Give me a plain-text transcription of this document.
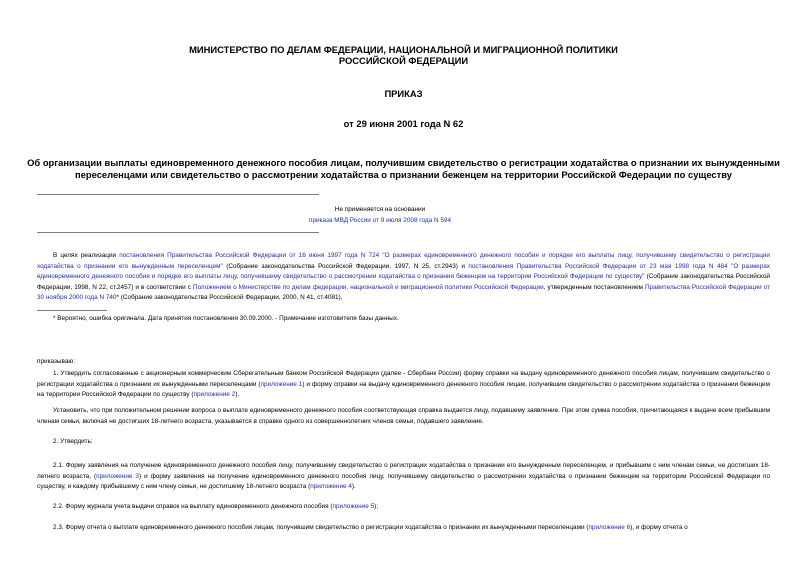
МИНИСТЕРСТВО ПО ДЕЛАМ ФЕДЕРАЦИИ, НАЦИОНАЛЬНОЙ И МИГРАЦИОННОЙ ПОЛИТИКИ
РОССИЙСКОЙ ФЕДЕРАЦИИ
ПРИКАЗ
от 29 июня 2001 года N 62
Об организации выплаты единовременного денежного пособия лицам, получившим свидетельство о регистрации ходатайства о признании их вынужденными переселенцами или свидетельство о рассмотрении ходатайства о признании беженцем на территории Российской Федерации по существу
Не применяется на основании
приказа МВД России от 9 июля 2008 года N 594
В целях реализации постановления Правительства Российской Федерации от 16 июня 1997 года N 724 "О размерах единовременного денежного пособия и порядке его выплаты лицу, получившему свидетельство о регистрации ходатайства о признании его вынужденным переселенцем" (Собрание законодательства Российской Федерации, 1997, N 25, ст.2943) и постановления Правительства Российской Федерации от 23 мая 1998 года N 484 "О размерах единовременного денежного пособия и порядке его выплаты лицу, получившему свидетельство о рассмотрении ходатайства о признании беженцем на территории Российской Федерации по существу" (Собрание законодательства Российской Федерации, 1998, N 22, ст.2457) и в соответствии с Положением о Министерстве по делам федерации, национальной и миграционной политики Российской Федерации, утвержденным постановлением Правительства Российской Федерации от 30 ноября 2000 года N 740* (Собрание законодательства Российской Федерации, 2000, N 41, ст.4081),
* Вероятно, ошибка оригинала. Дата принятия постановления 30.09.2000. - Примечание изготовителя базы данных.
приказываю:
1. Утвердить согласованные с акционерным коммерческим Сберегательным банком Российской Федерации (далее - Сбербанк России) форму справки на выдачу единовременного денежного пособия лицам, получившим свидетельство о регистрации ходатайства о признании их вынужденными переселенцами (приложение 1) и форму справки на выдачу единовременного денежного пособия лицам, получившим свидетельство о рассмотрении ходатайства о признании беженцем на территории Российской Федерации по существу (приложение 2).
Установить, что при положительном решении вопроса о выплате единовременного денежного пособия соответствующая справка выдается лицу, подавшему заявление. При этом сумма пособия, причитающаяся к выдаче всем прибывшим членам семьи, включая не достигших 18-летнего возраста, указывается в справке одного из совершеннолетних членов семьи, подавшего заявление.
2. Утвердить:
2.1. Форму заявления на получение единовременного денежного пособия лицу, получившему свидетельство о регистрации ходатайства о признании его вынужденным переселенцем, и прибывшим с ним членам семьи, не достигших 18-летнего возраста, (приложение 3) и форму заявления на получение единовременного денежного пособия лицу, получившему свидетельство о рассмотрении ходатайства о признании беженцем на территории Российской Федерации по существу, и каждому прибывшему с ним члену семьи, не достигшему 18-летнего возраста (приложение 4).
2.2. Форму журнала учета выдачи справок на выплату единовременного денежного пособия (приложение 5);
2.3. Форму отчета о выплате единовременного денежного пособия лицам, получившим свидетельство о регистрации ходатайства о признании их вынужденными переселенцами (приложение 6), и форму отчета о
